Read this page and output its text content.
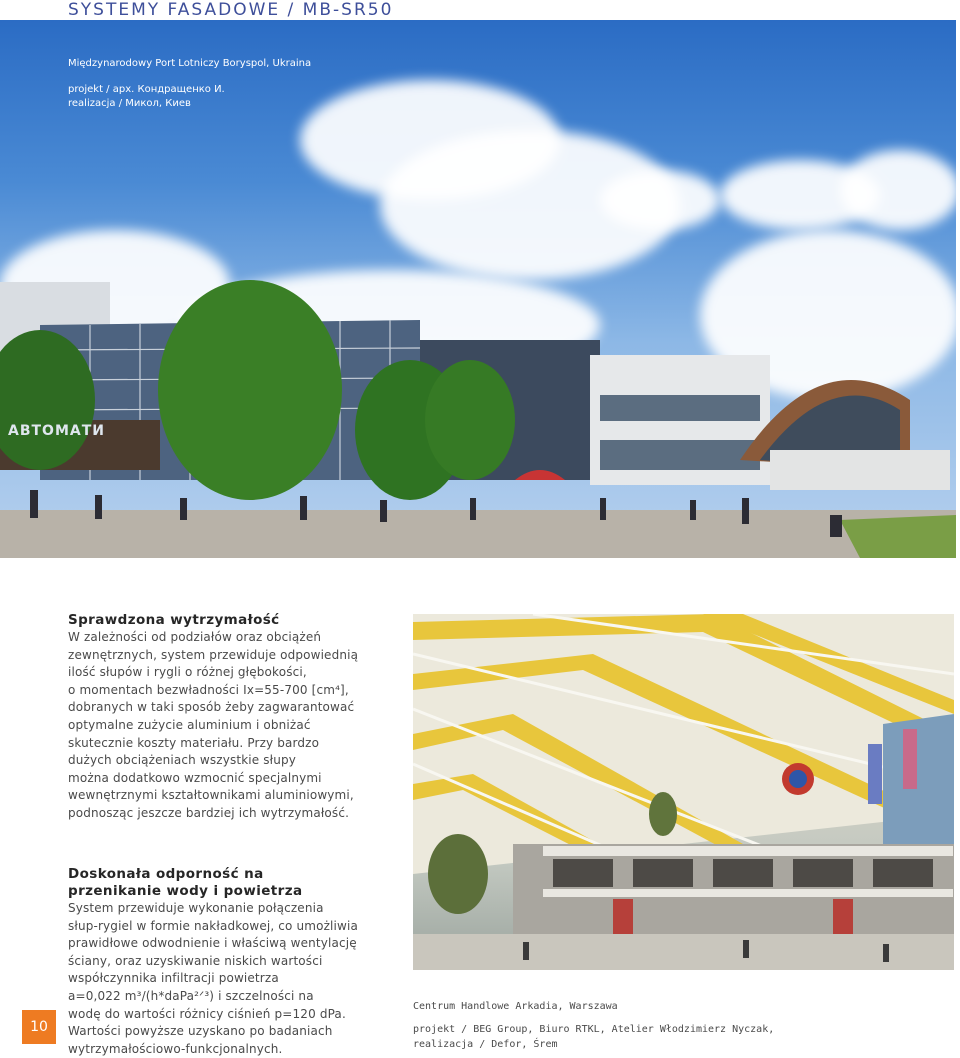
SYSTEMY FASADOWE / MB-SR50
АВТОМАТИ
Międzynarodowy Port Lotniczy Boryspol, Ukraina
projekt / арх. Кондращенко И.
realizacja / Микол, Киев
Sprawdzona wytrzymałość

W zależności od podziałów oraz obciążeń

zewnętrznych, system przewiduje odpowiednią

ilość słupów i rygli o różnej głębokości,

o momentach bezwładności Ix=55-700 [cm⁴],

dobranych w taki sposób żeby zagwarantować

optymalne zużycie aluminium i obniżać

skutecznie koszty materiału. Przy bardzo

dużych obciążeniach wszystkie słupy

można dodatkowo wzmocnić specjalnymi

wewnętrznymi kształtownikami aluminiowymi,

podnosząc jeszcze bardziej ich wytrzymałość.

Doskonała odporność na
przenikanie wody i powietrza

System przewiduje wykonanie połączenia

słup-rygiel w formie nakładkowej, co umożliwia

prawidłowe odwodnienie i właściwą wentylację

ściany, oraz uzyskiwanie niskich wartości

współczynnika infiltracji powietrza

a=0,022 m³/(h*daPa²ᐟ³) i szczelności na

wodę do wartości różnicy ciśnień p=120 dPa.

Wartości powyższe uzyskano po badaniach

wytrzymałościowo-funkcjonalnych.

Centrum Handlowe Arkadia, Warszawa
projekt / BEG Group, Biuro RTKL, Atelier Włodzimierz Nyczak,
realizacja / Defor, Śrem
10
